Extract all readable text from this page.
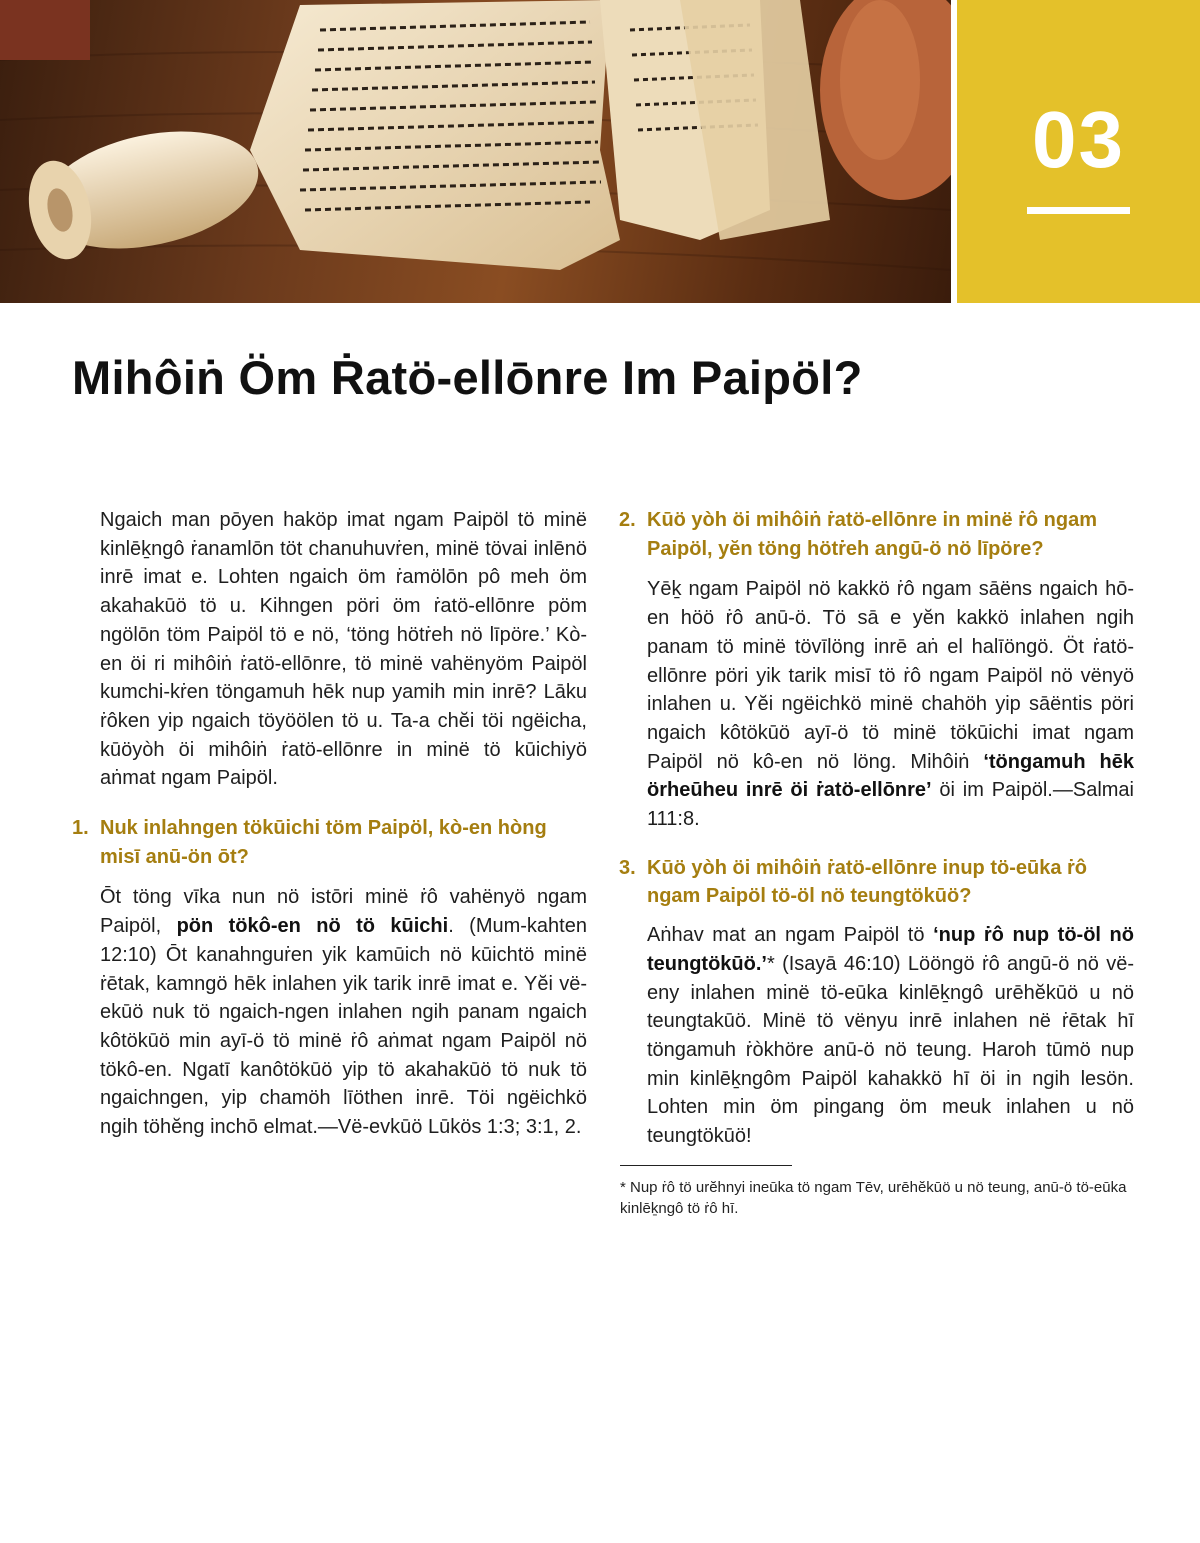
03
Mihôiṅ Öm Ṙatö-ellōnre Im Paipöl?

Ngaich man pōyen haköp imat ngam Paipöl tö minë kinlēḵngô ṙanamlōn töt chanuhuvṙen, minë tövai inlēnö inrē imat e. Lohten ngaich öm ṙamölōn pô meh öm akahakūö tö u. Kihngen pöri öm ṙatö-ellōnre pöm ngölōn töm Paipöl tö e nö, ‘töng hötṙeh nö līpöre.’ Kò-en öi ri mihôiṅ ṙatö-ellōnre, tö minë vahënyöm Paipöl kumchi-kṙen töngamuh hēk nup yamih min inrē? Lāku ṙôken yip ngaich töyöölen tö u. Ta-a chĕi töi ngëicha, kūöyòh öi mihôiṅ ṙatö-ellōnre in minë tö kūichiyö aṅmat ngam Paipöl.

1. Nuk inlahngen tökūichi töm Paipöl, kò-en hòng misī anū-ön ōt?

Ōt töng vīka nun nö istōri minë ṙô vahënyö ngam Paipöl, pön tökô-en nö tö kūichi. (Mum-kahten 12:10) Ōt kanahnguṙen yik kamūich nö kūichtö minë ṙētak, kamngö hēk inlahen yik tarik inrē imat e. Yĕi vë-ekūö nuk tö ngaich-ngen inlahen ngih panam ngaich kôtökūö min ayī-ö tö minë ṙô aṅmat ngam Paipöl nö tökô-en. Ngatī kanôtökūö yip tö akahakūö tö nuk tö ngaichngen, yip chamöh līöthen inrē. Töi ngëichkö ngih töhĕng inchō elmat.—Vë-evkūö Lūkös 1:3; 3:1, 2.

2. Kūö yòh öi mihôiṅ ṙatö-ellōnre in minë ṙô ngam Paipöl, yĕn töng hötṙeh angū-ö nö līpöre?

Yēḵ ngam Paipöl nö kakkö ṙô ngam sāëns ngaich hō-en höö ṙô anū-ö. Tö sā e yĕn kakkö inlahen ngih panam tö minë tövīlöng inrē aṅ el halīöngö. Öt ṙatö-ellōnre pöri yik tarik misī tö ṙô ngam Paipöl nö vënyö inlahen u. Yĕi ngëichkö minë chahöh yip sāëntis pöri ngaich kôtökūö ayī-ö tö minë tökūichi imat ngam Paipöl nö kô-en nö löng. Mihôiṅ ‘töngamuh hēk örheūheu inrē öi ṙatö-ellōnre’ öi im Paipöl.—Salmai 111:8.

3. Kūö yòh öi mihôiṅ ṙatö-ellōnre inup tö-eūka ṙô ngam Paipöl tö-öl nö teungtökūö?

Aṅhav mat an ngam Paipöl tö ‘nup ṙô nup tö-öl nö teungtökūö.’* (Isayā 46:10) Lööngö ṙô angū-ö nö vë-eny inlahen minë tö-eūka kinlēḵngô urēhĕkūö u nö teungtakūö. Minë tö vënyu inrē inlahen në ṙētak hī töngamuh ṙòkhöre anū-ö nö teung. Haroh tūmö nup min kinlēḵngôm Paipöl kahakkö hī öi in ngih lesön. Lohten min öm pingang öm meuk inlahen u nö teungtökūö!

* Nup ṙô tö urĕhnyi ineūka tö ngam Tēv, urēhĕkūö u nö teung, anū-ö tö-eūka kinlēḵngô tö ṙô hī.
